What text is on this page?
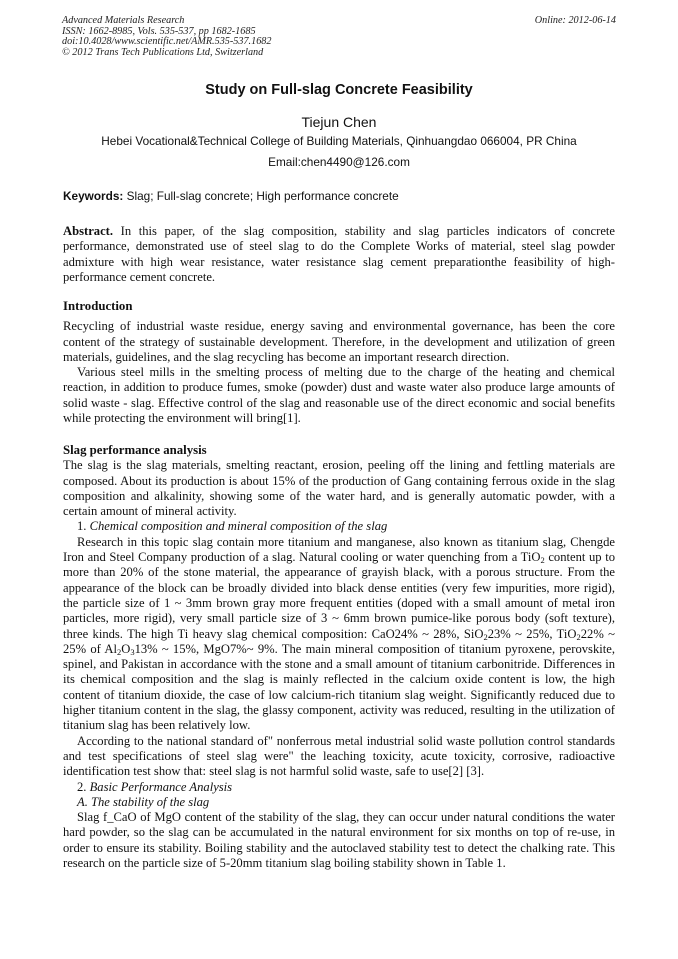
Advanced Materials Research
ISSN: 1662-8985, Vols. 535-537, pp 1682-1685
doi:10.4028/www.scientific.net/AMR.535-537.1682
© 2012 Trans Tech Publications Ltd, Switzerland
Online: 2012-06-14
Study on Full-slag Concrete Feasibility
Tiejun Chen
Hebei Vocational&Technical College of Building Materials, Qinhuangdao 066004, PR China
Email:chen4490@126.com
Keywords: Slag; Full-slag concrete; High performance concrete

Abstract. In this paper, of the slag composition, stability and slag particles indicators of concrete performance, demonstrated use of steel slag to do the Complete Works of material, steel slag powder admixture with high wear resistance, water resistance slag cement preparationthe feasibility of high-performance cement concrete.

Introduction

Recycling of industrial waste residue, energy saving and environmental governance, has been the core content of the strategy of sustainable development. Therefore, in the development and utilization of green materials, guidelines, and the slag recycling has become an important research direction.

Various steel mills in the smelting process of melting due to the charge of the heating and chemical reaction, in addition to produce fumes, smoke (powder) dust and waste water also produce large amounts of solid waste - slag. Effective control of the slag and reasonable use of the direct economic and social benefits while protecting the environment will bring[1].

Slag performance analysis

The slag is the slag materials, smelting reactant, erosion, peeling off the lining and fettling materials are composed. About its production is about 15% of the production of Gang containing ferrous oxide in the slag composition and alkalinity, showing some of the water hard, and is generally automatic powder, with a certain amount of mineral activity.

1. Chemical composition and mineral composition of the slag

Research in this topic slag contain more titanium and manganese, also known as titanium slag, Chengde Iron and Steel Company production of a slag. Natural cooling or water quenching from a TiO$_2$ content up to more than 20% of the stone material, the appearance of grayish black, with a porous structure. From the appearance of the block can be broadly divided into black dense entities (very few impurities, more rigid), the particle size of 1 ~ 3mm brown gray more frequent entities (doped with a small amount of metal iron particles, more rigid), very small particle size of 3 ~ 6mm brown pumice-like porous body (soft texture), three kinds. The high Ti heavy slag chemical composition: CaO24% ~ 28%, SiO$_2$23% ~ 25%, TiO$_2$22% ~ 25% of $Al_2O_313\%$ ~ 15%, MgO7%~ 9%. The main mineral composition of titanium pyroxene, perovskite, spinel, and Pakistan in accordance with the stone and a small amount of titanium carbonitride. Differences in its chemical composition and the slag is mainly reflected in the calcium oxide content is low, the high content of titanium dioxide, the case of low calcium-rich titanium slag weight. Significantly reduced due to higher titanium content in the slag, the glassy component, activity was reduced, resulting in the utilization of titanium slag has been relatively low.

According to the national standard of" nonferrous metal industrial solid waste pollution control standards and test specifications of steel slag were" the leaching toxicity, acute toxicity, corrosive, radioactive identification test show that: steel slag is not harmful solid waste, safe to use[2] [3].

2. Basic Performance Analysis

A. The stability of the slag

Slag f_CaO of MgO content of the stability of the slag, they can occur under natural conditions the water hard powder, so the slag can be accumulated in the natural environment for six months on top of re-use, in order to ensure its stability. Boiling stability and the autoclaved stability test to detect the chalking rate. This research on the particle size of 5-20mm titanium slag boiling stability shown in Table 1.
